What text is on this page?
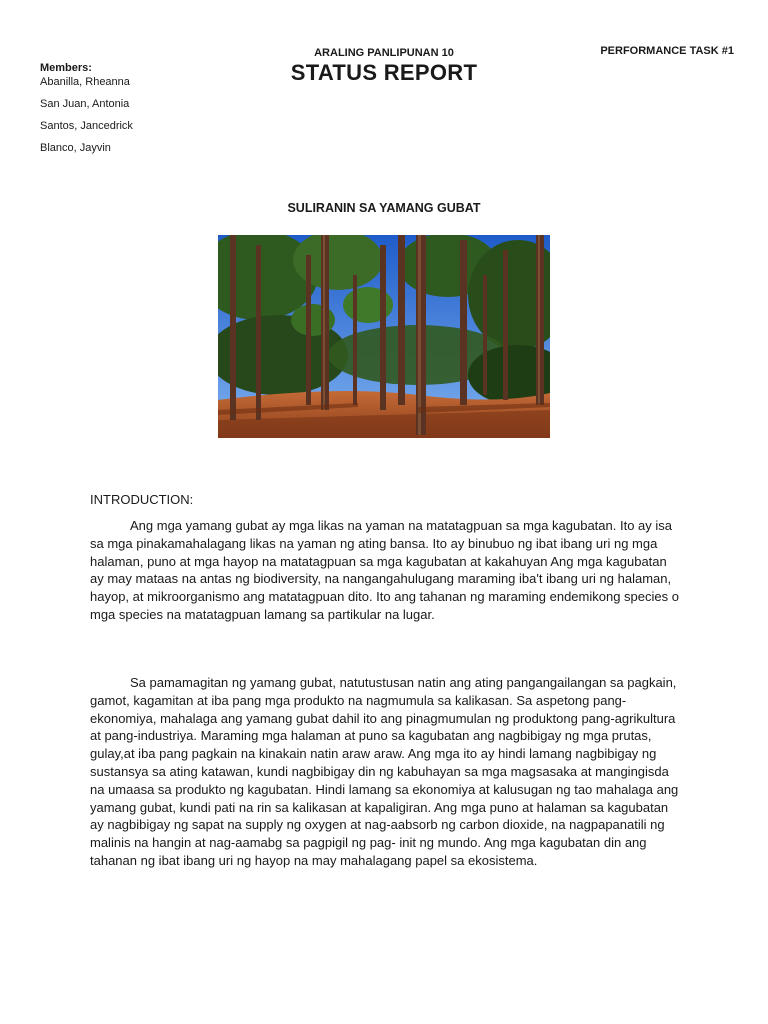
Members:
Abanilla, Rheanna
San Juan, Antonia
Santos, Jancedrick
Blanco, Jayvin
ARALING PANLIPUNAN 10	PERFORMANCE TASK #1
STATUS REPORT
SULIRANIN SA YAMANG GUBAT
INTRODUCTION:

Ang mga yamang gubat ay mga likas na yaman na matatagpuan sa mga kagubatan. Ito ay isa sa mga pinakamahalagang likas na yaman ng ating bansa. Ito ay binubuo ng ibat ibang uri ng mga halaman, puno at mga hayop na matatagpuan sa mga kagubatan at kakahuyan Ang mga kagubatan ay may mataas na antas ng biodiversity, na nangangahulugang maraming iba't ibang uri ng halaman, hayop, at mikroorganismo ang matatagpuan dito. Ito ang tahanan ng maraming endemikong species o mga species na matatagpuan lamang sa partikular na lugar.

Sa pamamagitan ng yamang gubat, natutustusan natin ang ating pangangailangan sa pagkain, gamot, kagamitan at iba pang mga produkto na nagmumula sa kalikasan. Sa aspetong pang-ekonomiya, mahalaga ang yamang gubat dahil ito ang pinagmumulan ng produktong pang-agrikultura at pang-industriya. Maraming mga halaman at puno sa kagubatan ang nagbibigay ng mga prutas, gulay,at iba pang pagkain na kinakain natin araw araw. Ang mga ito ay hindi lamang nagbibigay ng sustansya sa ating katawan, kundi nagbibigay din ng kabuhayan sa mga magsasaka at mangingisda na umaasa sa produkto ng kagubatan. Hindi lamang sa ekonomiya at kalusugan ng tao mahalaga ang yamang gubat, kundi pati na rin sa kalikasan at kapaligiran. Ang mga puno at halaman sa kagubatan ay nagbibigay ng sapat na supply ng oxygen at nag-aabsorb ng carbon dioxide, na nagpapanatili ng malinis na hangin at nag-aamabg sa pagpigil ng pag- init ng mundo. Ang mga kagubatan din ang tahanan ng ibat ibang uri ng hayop na may mahalagang papel sa ekosistema.
